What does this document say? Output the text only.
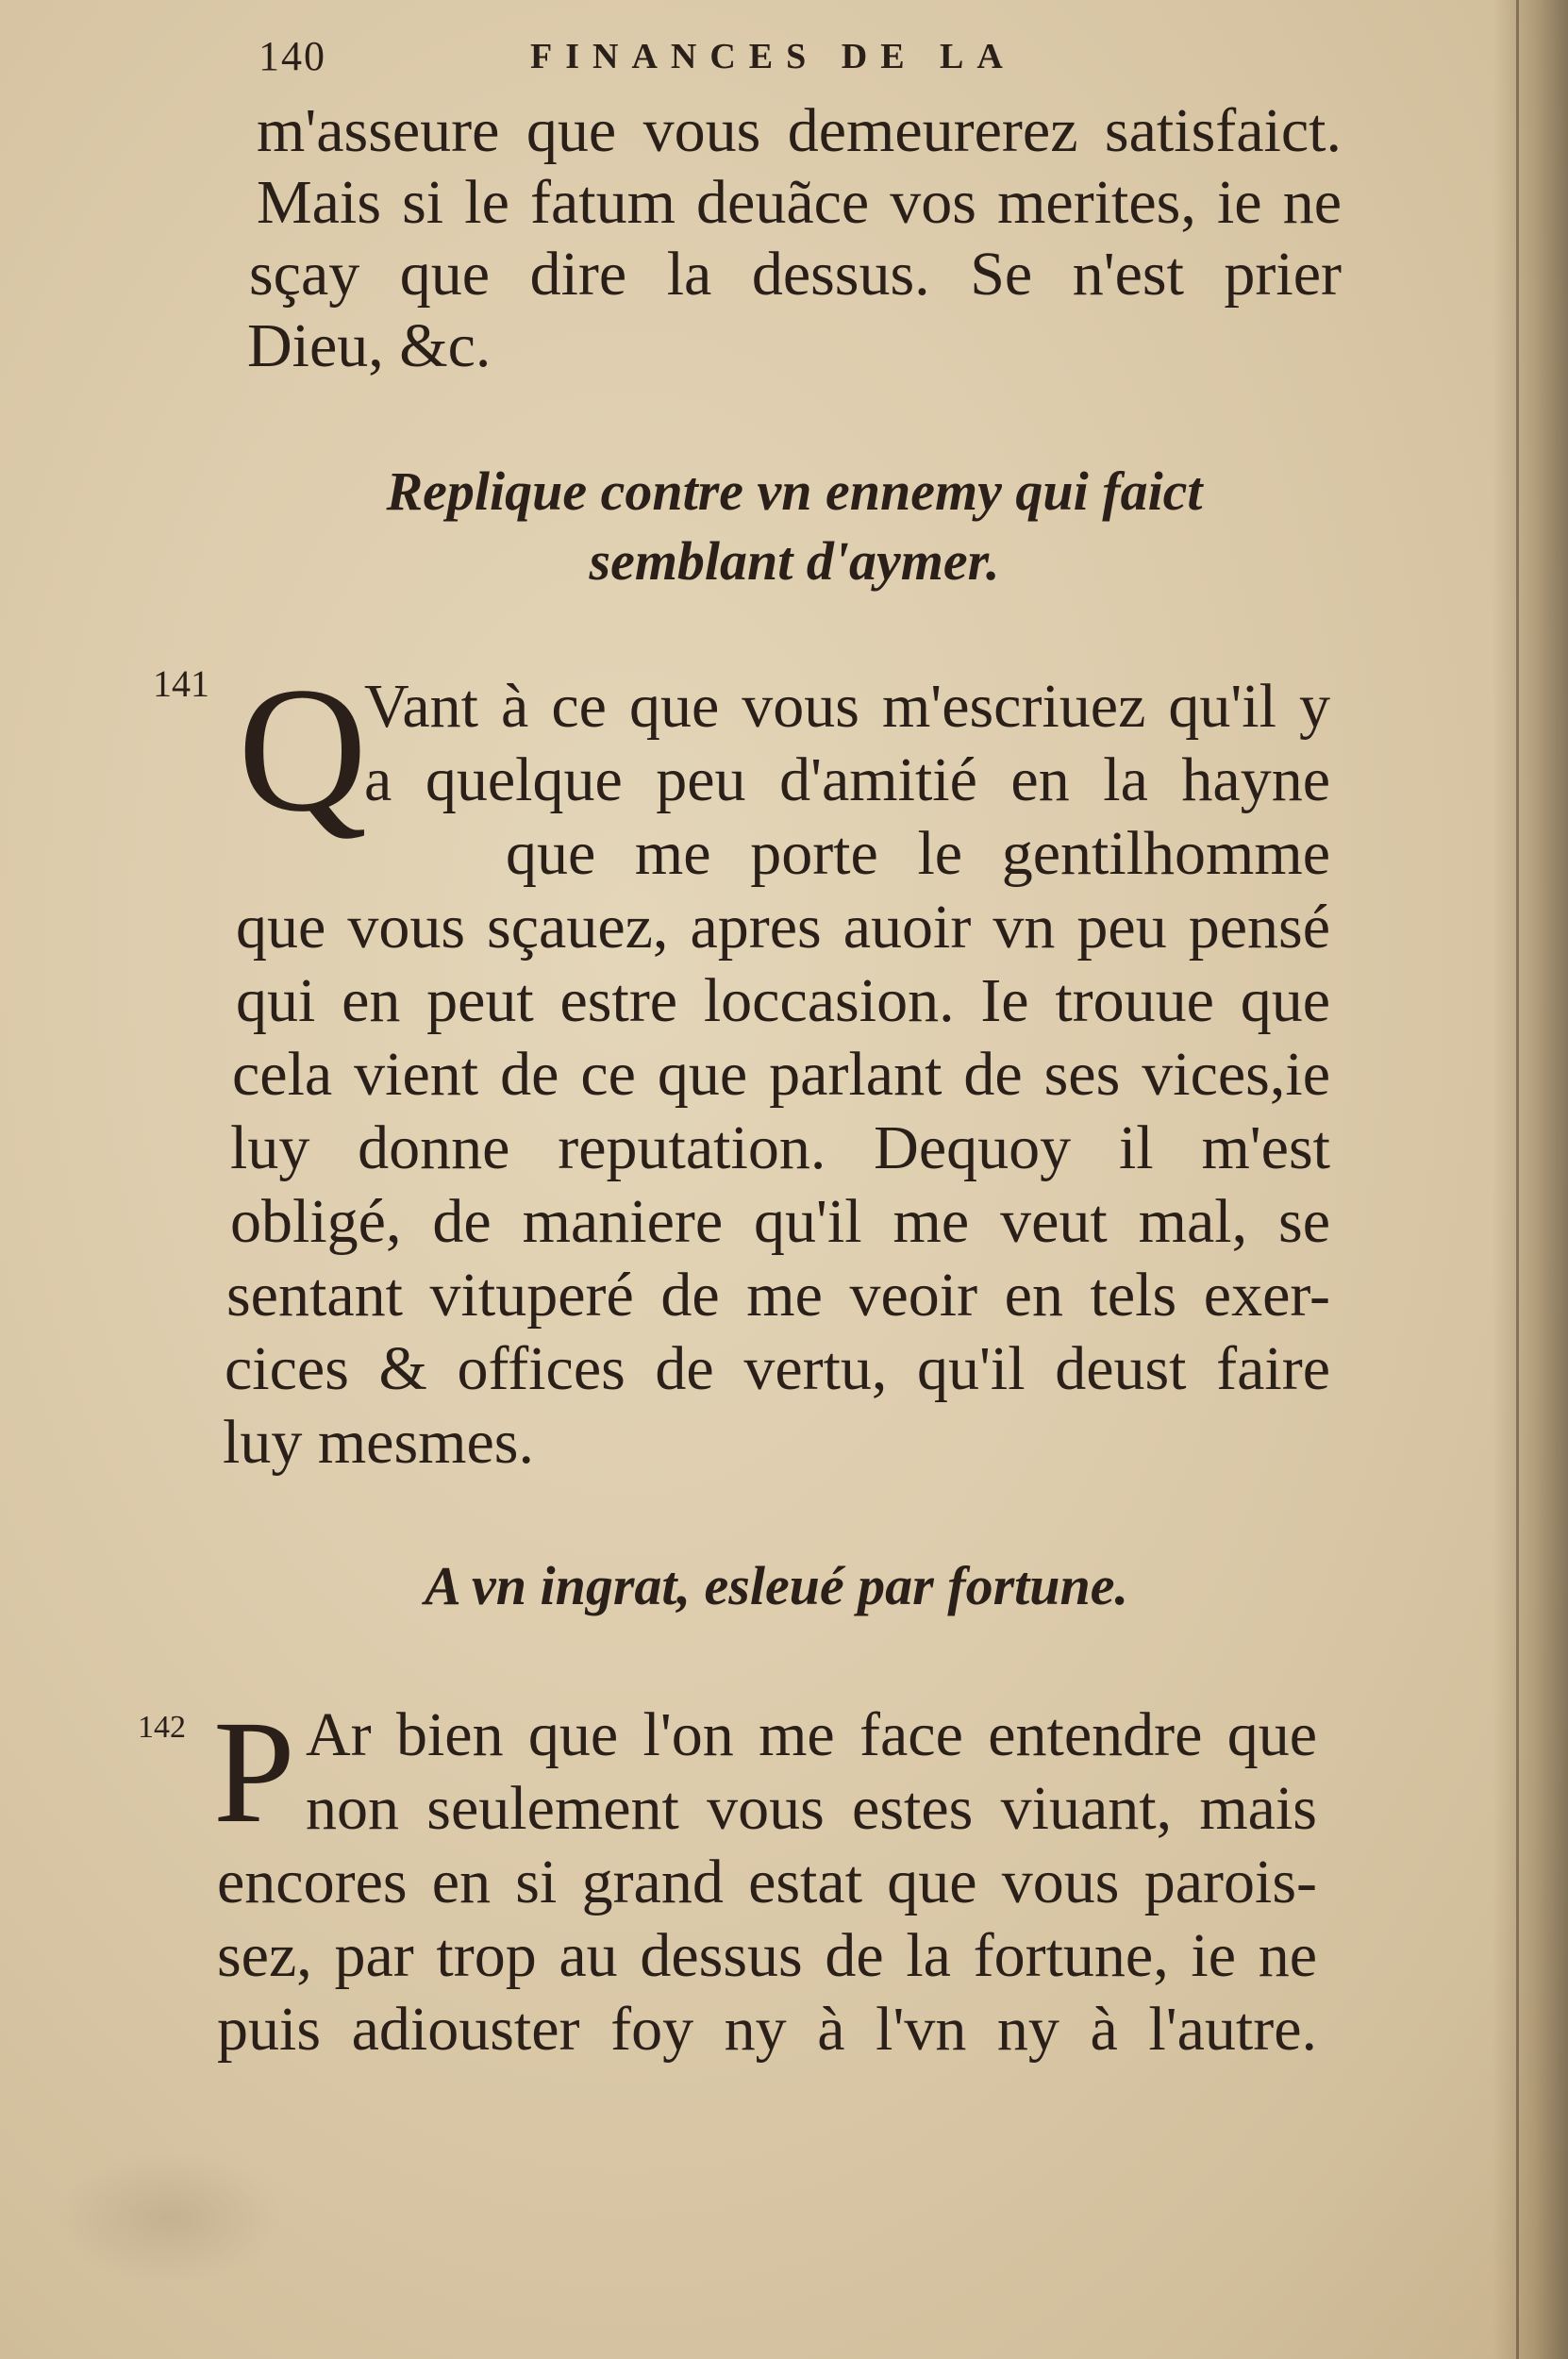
140	FINANCES DE LA
m'asseure que vous demeurerez satisfaict.
Mais si le fatum deuãce vos merites, ie ne
sçay que dire la dessus. Se n'est prier
Dieu, &c.
Replique contre vn ennemy qui faict
semblant d'aymer.
141 Q
Vant à ce que vous m'escriuez qu'il y
a quelque peu d'amitié en la hayne
que me porte le gentilhomme
que vous sçauez, apres auoir vn peu pensé
qui en peut estre loccasion. Ie trouue que
cela vient de ce que parlant de ses vices,ie
luy donne reputation. Dequoy il m'est
obligé, de maniere qu'il me veut mal, se
sentant vituperé de me veoir en tels exer-
cices & offices de vertu, qu'il deust faire
luy mesmes.
A vn ingrat, esleué par fortune.
142 P Ar bien que l'on me face entendre que
non seulement vous estes viuant, mais
encores en si grand estat que vous parois-
sez, par trop au dessus de la fortune, ie ne
puis adiouster foy ny à l'vn ny à l'autre.
